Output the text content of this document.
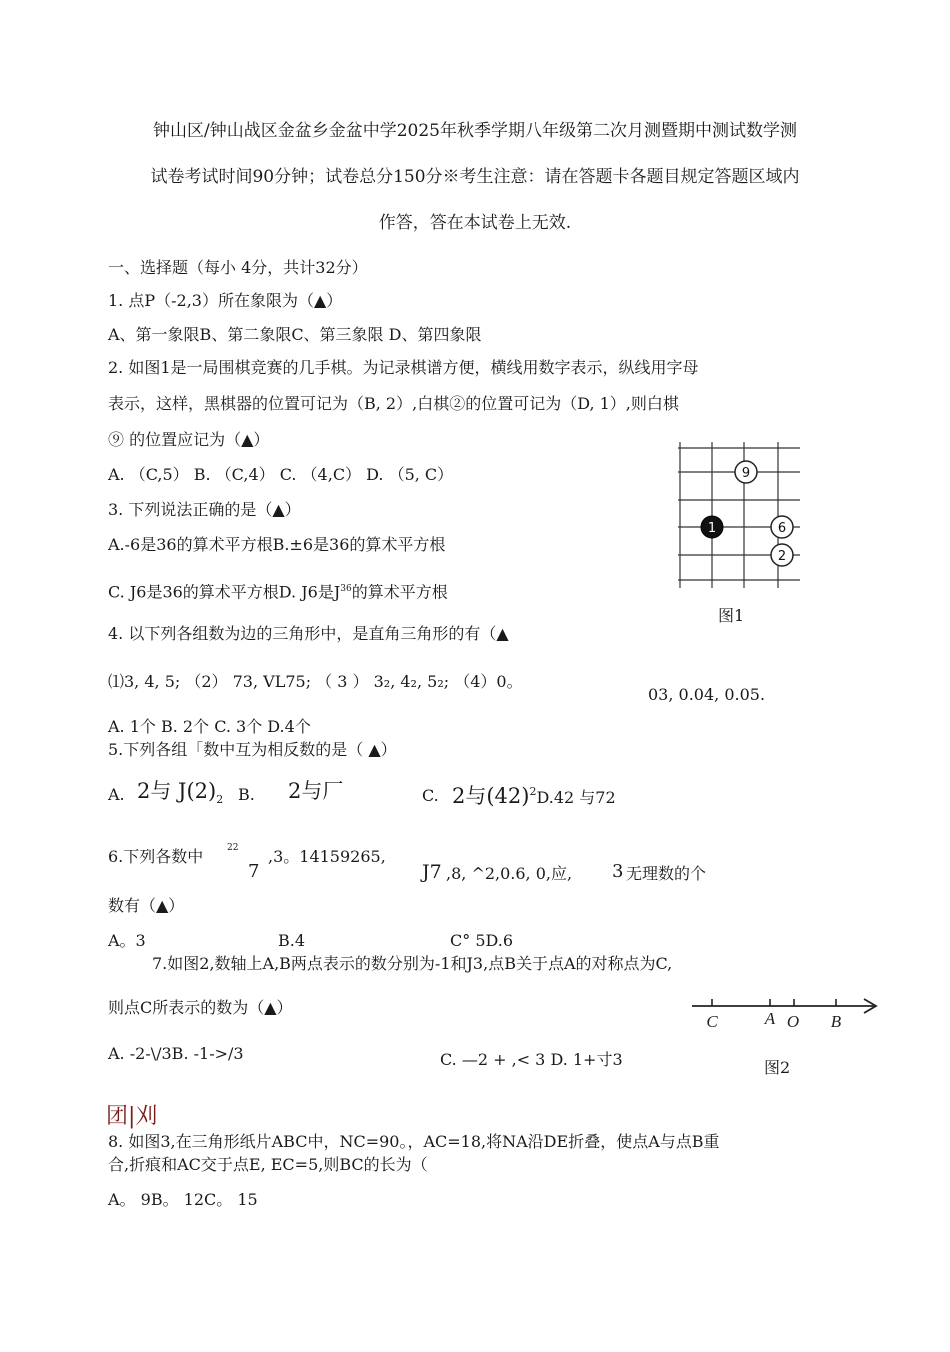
钟山区/钟山战区金盆乡金盆中学2025年秋季学期八年级第二次月测暨期中测试数学测
试卷考试时间90分钟；试卷总分150分※考生注意：请在答题卡各题目规定答题区域内
作答，答在本试卷上无效.
一、选择题（每小 4分，共计32分）
1. 点P（-2,3）所在象限为（▲）
A、第一象限B、第二象限C、第三象限 D、第四象限
2. 如图1是一局围棋竞赛的几手棋。为记录棋谱方便，横线用数字表示，纵线用字母
表示，这样，黑棋器的位置可记为（B, 2）,白棋②的位置可记为（D, 1）,则白棋
⑨ 的位置应记为（▲）
A. （C,5） B. （C,4） C. （4,C） D. （5, C）
3. 下列说法正确的是（▲）
A.-6是36的算术平方根B.±6是36的算术平方根
C. J6是36的算术平方根D. J6是$J^{36}$的算术平方根
9
1	6
2
图1
4. 以下列各组数为边的三角形中，是直角三角形的有（▲
⑴3, 4, 5; （2） 73, VL75; （ 3 ） 3₂, 4₂, 5₂; （4）0。
03, 0.04, 0.05.
A. 1个 B. 2个 C. 3个 D.4个
5.下列各组「数中互为相反数的是（ ▲）
A. 2与 $J(2)_2$ B. 2与厂	C. 2与$(42)^2D.42$ 与72
6.下列各数中	22
7
,3。14159265,
J7 ,8, ^2,0.6, 0,应, 3 无理数的个
数有（▲）
A。3	B.4	C° 5D.6
7.如图2,数轴上A,B两点表示的数分别为-1和J3,点B关于点A的对称点为C,
则点C所表示的数为（▲）
A. -2-\/3B. -1->/3	C. —2 + ,< 3 D. 1+寸3
C	A O B
图2
团|刈
8. 如图3,在三角形纸片ABC中，NC=90。，AC=18,将NA沿DE折叠，使点A与点B重
合,折痕和AC交于点E, EC=5,则BC的长为（
A。 9B。 12C。 15
